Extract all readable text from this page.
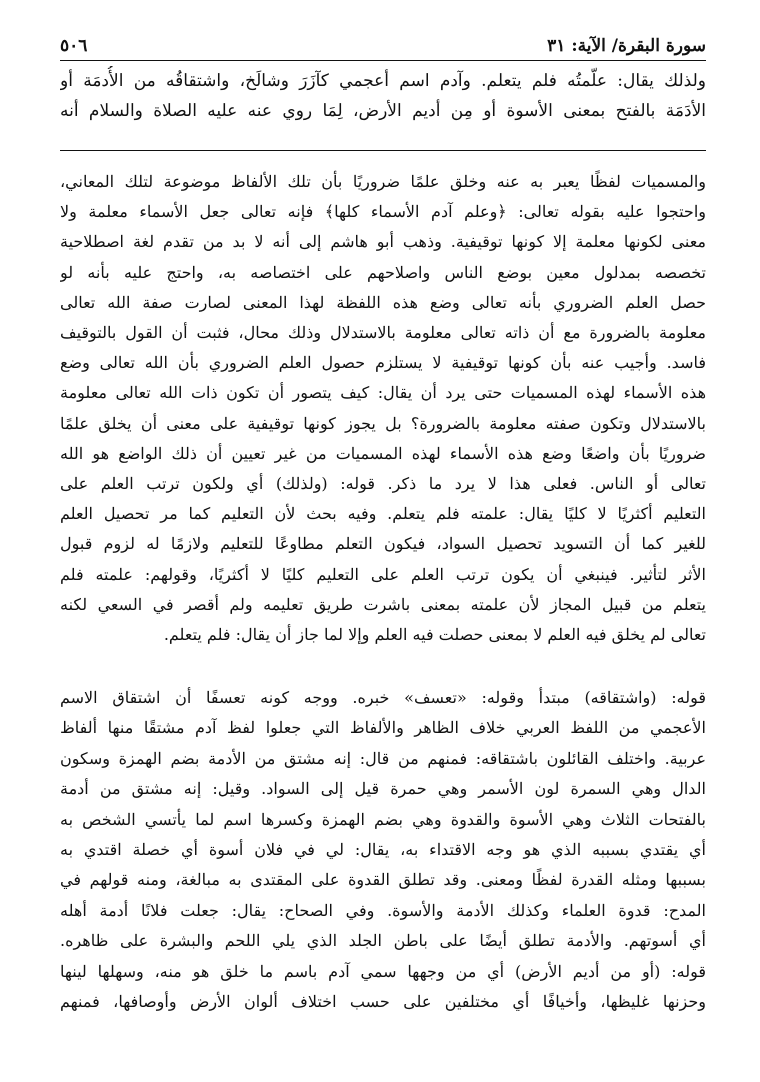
سورة البقرة/ الآية: ٣١
٥٠٦
ولذلك يقال: علّمتُه فلم يتعلم. وآدم اسم أعجمي كآزَرَ وشالَخ، واشتقاقُه من الأُدمَة أو
الأدَمَة بالفتح بمعنى الأسوة أو مِن أديم الأرض، لِمَا روي عنه عليه الصلاة والسلام أنه
والمسميات لفظًا يعبر به عنه وخلق علمًا ضروريًا بأن تلك الألفاظ موضوعة لتلك المعاني،
واحتجوا عليه بقوله تعالى: ﴿وعلم آدم الأسماء كلها﴾ فإنه تعالى جعل الأسماء معلمة ولا
معنى لكونها معلمة إلا كونها توقيفية. وذهب أبو هاشم إلى أنه لا بد من تقدم لغة اصطلاحية
تخصصه بمدلول معين بوضع الناس واصلاحهم على اختصاصه به، واحتج عليه بأنه لو
حصل العلم الضروري بأنه تعالى وضع هذه اللفظة لهذا المعنى لصارت صفة الله تعالى
معلومة بالضرورة مع أن ذاته تعالى معلومة بالاستدلال وذلك محال، فثبت أن القول بالتوقيف
فاسد. وأجيب عنه بأن كونها توقيفية لا يستلزم حصول العلم الضروري بأن الله تعالى وضع
هذه الأسماء لهذه المسميات حتى يرد أن يقال: كيف يتصور أن تكون ذات الله تعالى معلومة
بالاستدلال وتكون صفته معلومة بالضرورة؟ بل يجوز كونها توقيفية على معنى أن يخلق علمًا
ضروريًا بأن واضعًا وضع هذه الأسماء لهذه المسميات من غير تعيين أن ذلك الواضع هو الله
تعالى أو الناس. فعلى هذا لا يرد ما ذكر. قوله: (ولذلك) أي ولكون ترتب العلم على
التعليم أكثريًا لا كليًا يقال: علمته فلم يتعلم. وفيه بحث لأن التعليم كما مر تحصيل العلم
للغير كما أن التسويد تحصيل السواد، فيكون التعلم مطاوعًا للتعليم ولازمًا له لزوم قبول
الأثر لتأثير. فينبغي أن يكون ترتب العلم على التعليم كليًا لا أكثريًا، وقولهم: علمته فلم
يتعلم من قبيل المجاز لأن علمته بمعنى باشرت طريق تعليمه ولم أقصر في السعي لكنه
تعالى لم يخلق فيه العلم لا بمعنى حصلت فيه العلم وإلا لما جاز أن يقال: فلم يتعلم.
قوله: (واشتقاقه) مبتدأ وقوله: «تعسف» خبره. ووجه كونه تعسفًا أن اشتقاق الاسم
الأعجمي من اللفظ العربي خلاف الظاهر والألفاظ التي جعلوا لفظ آدم مشتقًا منها ألفاظ
عربية. واختلف القائلون باشتقاقه: فمنهم من قال: إنه مشتق من الأدمة بضم الهمزة وسكون
الدال وهي السمرة لون الأسمر وهي حمرة قيل إلى السواد. وقيل: إنه مشتق من أدمة
بالفتحات الثلاث وهي الأسوة والقدوة وهي بضم الهمزة وكسرها اسم لما يأتسي الشخص به
أي يقتدي بسببه الذي هو وجه الاقتداء به، يقال: لي في فلان أسوة أي خصلة اقتدي به
بسببها ومثله القدرة لفظًا ومعنى. وقد تطلق القدوة على المقتدى به مبالغة، ومنه قولهم في
المدح: قدوة العلماء وكذلك الأدمة والأسوة. وفي الصحاح: يقال: جعلت فلانًا أدمة أهله
أي أسوتهم. والأدمة تطلق أيضًا على باطن الجلد الذي يلي اللحم والبشرة على ظاهره.
قوله: (أو من أديم الأرض) أي من وجهها سمي آدم باسم ما خلق هو منه، وسهلها لينها
وحزنها غليظها، وأخيافًا أي مختلفين على حسب اختلاف ألوان الأرض وأوصافها، فمنهم
